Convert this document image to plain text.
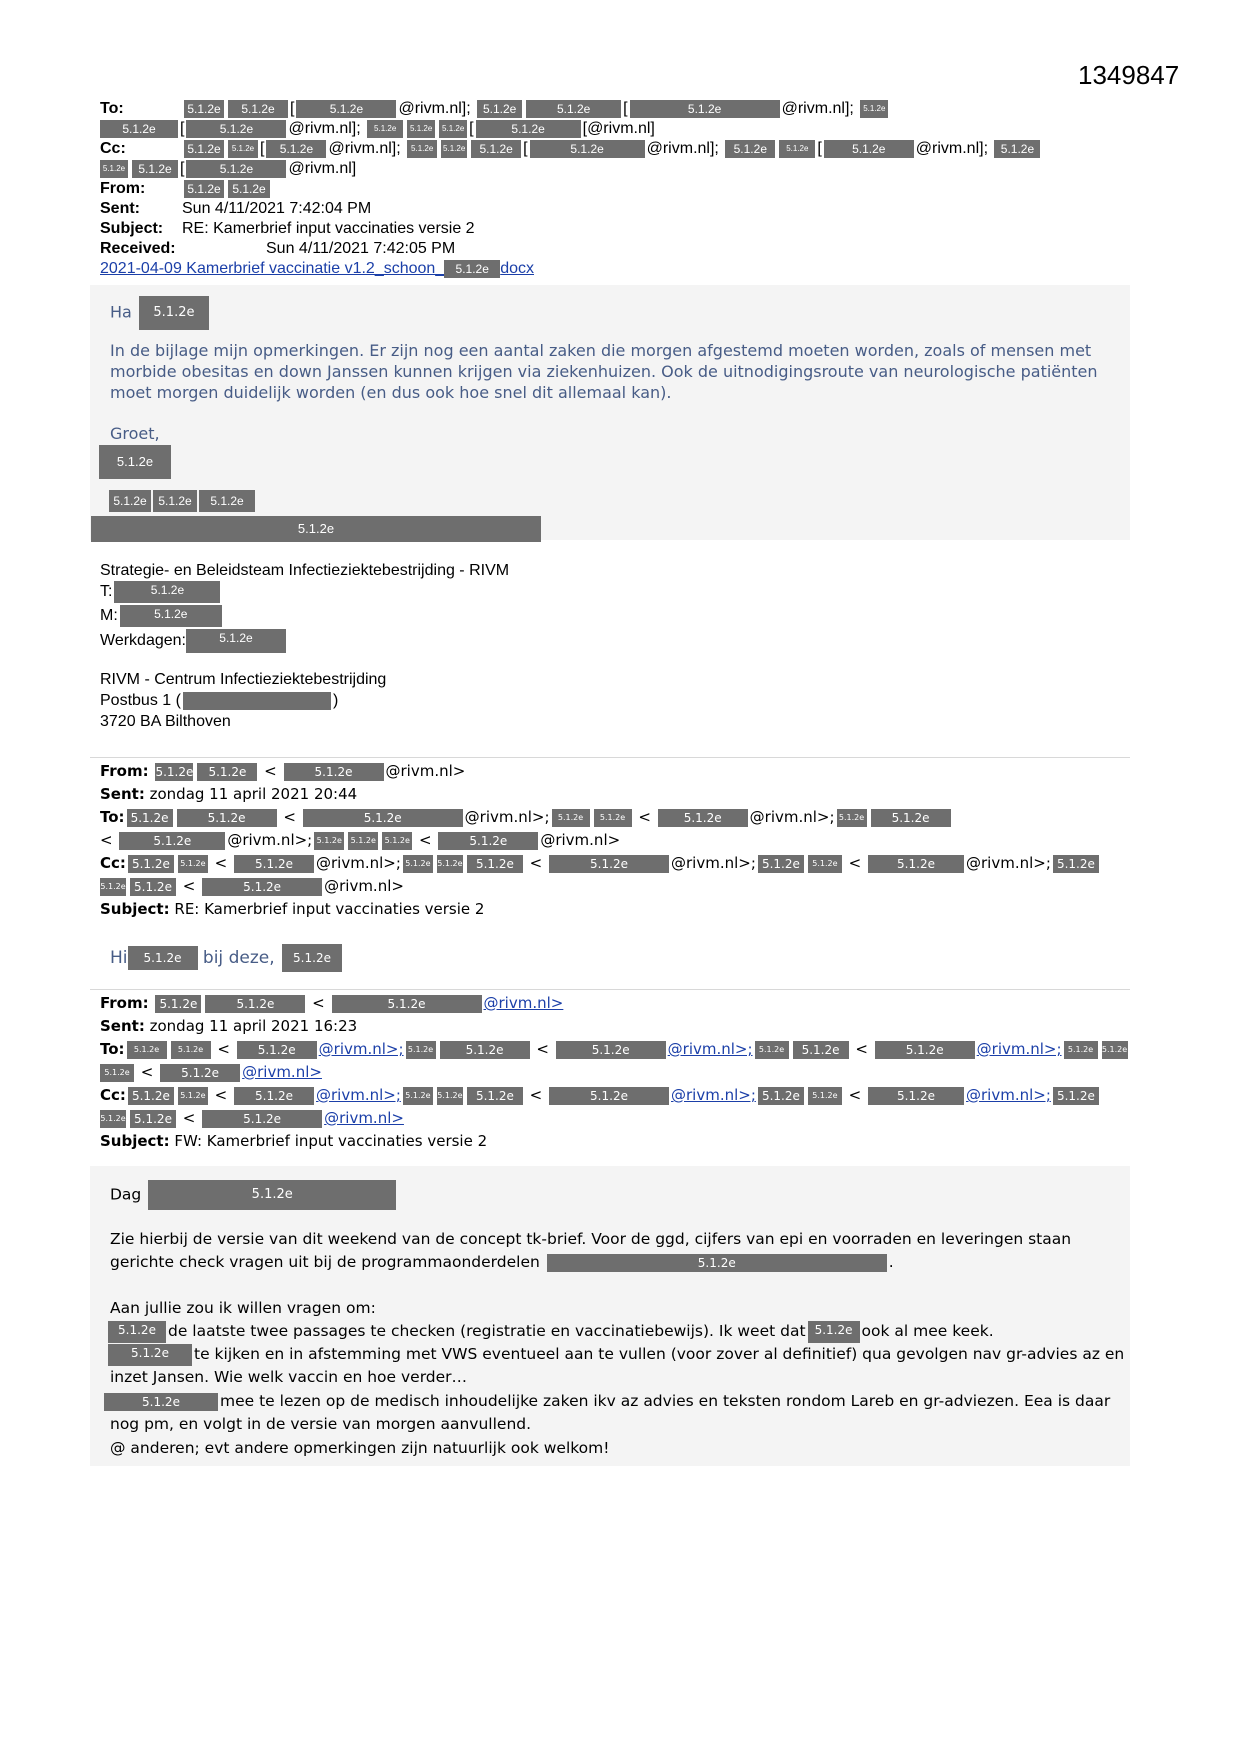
1349847
To:	5.1.2e 5.1.2e [	5.1.2e @rivm.nl]; 5.1.2e	5.1.2e [	5.1.2e	@rivm.nl]; 5.1.2e
5.1.2e [	5.1.2e @rivm.nl]; 5.1.2e 5.1.2e 5.1.2e [	5.1.2e [@rivm.nl]
Cc:	5.1.2e 5.1.2e [ 5.1.2e @rivm.nl]; 5.1.2e 5.1.2e 5.1.2e [	5.1.2e	@rivm.nl]; 5.1.2e 5.1.2e [	5.1.2e @rivm.nl]; 5.1.2e
5.1.2e 5.1.2e [	5.1.2e @rivm.nl]
From:	5.1.2e 5.1.2e
Sent:	Sun 4/11/2021 7:42:04 PM
Subject: RE: Kamerbrief input vaccinaties versie 2
Received:	Sun 4/11/2021 7:42:05 PM
2021-04-09 Kamerbrief vaccinatie v1.2_schoon_ 5.1.2e docx
Ha 5.1.2e
In de bijlage mijn opmerkingen. Er zijn nog een aantal zaken die morgen afgestemd moeten worden, zoals of mensen met morbide obesitas en down Janssen kunnen krijgen via ziekenhuizen. Ook de uitnodigingsroute van neurologische patiënten moet morgen duidelijk worden (en dus ook hoe snel dit allemaal kan).
Groet,
5.1.2e
5.1.2e 5.1.2e 5.1.2e
5.1.2e
Strategie- en Beleidsteam Infectieziektebestrijding - RIVM
T:	5.1.2e
M:	5.1.2e
Werkdagen:	5.1.2e
RIVM - Centrum Infectieziektebestrijding
Postbus 1 (	)
3720 BA Bilthoven
From: 5.1.2e 5.1.2e <	5.1.2e @rivm.nl>
Sent: zondag 11 april 2021 20:44
To: 5.1.2e	5.1.2e <	5.1.2e	@rivm.nl>; 5.1.2e 5.1.2e < 5.1.2e @rivm.nl>; 5.1.2e 5.1.2e
<	5.1.2e @rivm.nl>; 5.1.2e 5.1.2e 5.1.2e <	5.1.2e @rivm.nl>
Cc: 5.1.2e 5.1.2e < 5.1.2e @rivm.nl>; 5.1.2e 5.1.2e 5.1.2e <	5.1.2e	@rivm.nl>; 5.1.2e 5.1.2e <	5.1.2e @rivm.nl>; 5.1.2e
5.1.2e 5.1.2e <	5.1.2e	@rivm.nl>
Subject: RE: Kamerbrief input vaccinaties versie 2
Hi 5.1.2e bij deze, 5.1.2e
From: 5.1.2e	5.1.2e <	5.1.2e	@rivm.nl>
Sent: zondag 11 april 2021 16:23
To: 5.1.2e 5.1.2e < 5.1.2e @rivm.nl>; 5.1.2e	5.1.2e <	5.1.2e	@rivm.nl>; 5.1.2e 5.1.2e <	5.1.2e @rivm.nl>; 5.1.2e 5.1.2e
5.1.2e < 5.1.2e @rivm.nl>
Cc: 5.1.2e 5.1.2e < 5.1.2e @rivm.nl>; 5.1.2e 5.1.2e 5.1.2e <	5.1.2e	@rivm.nl>; 5.1.2e 5.1.2e <	5.1.2e @rivm.nl>; 5.1.2e
5.1.2e 5.1.2e <	5.1.2e	@rivm.nl>
Subject: FW: Kamerbrief input vaccinaties versie 2
Dag	5.1.2e
Zie hierbij de versie van dit weekend van de concept tk-brief. Voor de ggd, cijfers van epi en voorraden en leveringen staan gerichte check vragen uit bij de programmaonderdelen	5.1.2e	.
Aan jullie zou ik willen vragen om:
5.1.2e de laatste twee passages te checken (registratie en vaccinatiebewijs). Ik weet dat 5.1.2e ook al mee keek.
5.1.2e te kijken en in afstemming met VWS eventueel aan te vullen (voor zover al definitief) qua gevolgen nav gr-advies az en inzet Jansen. Wie welk vaccin en hoe verder…
5.1.2e	mee te lezen op de medisch inhoudelijke zaken ikv az advies en teksten rondom Lareb en gr-adviezen. Eea is daar nog pm, en volgt in de versie van morgen aanvullend.
@ anderen; evt andere opmerkingen zijn natuurlijk ook welkom!
